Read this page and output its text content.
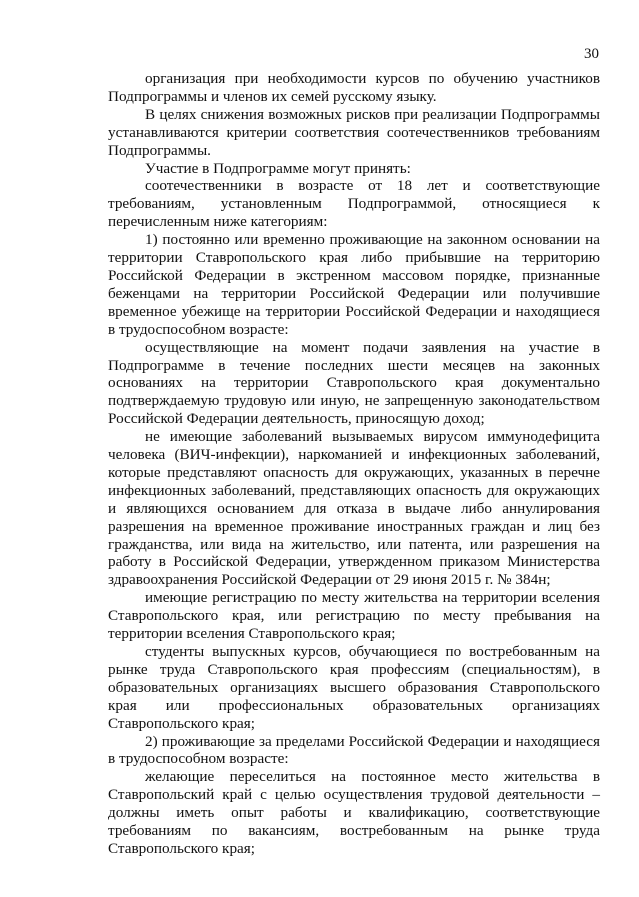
30

организация при необходимости курсов по обучению участников Подпрограммы и членов их семей русскому языку.

В целях снижения возможных рисков при реализации Подпрограммы устанавливаются критерии соответствия соотечественников требованиям Подпрограммы.

Участие в Подпрограмме могут принять:

соотечественники в возрасте от 18 лет и соответствующие требованиям, установленным Подпрограммой, относящиеся к перечисленным ниже категориям:

1) постоянно или временно проживающие на законном основании на территории Ставропольского края либо прибывшие на территорию Российской Федерации в экстренном массовом порядке, признанные беженцами на территории Российской Федерации или получившие временное убежище на территории Российской Федерации и находящиеся в трудоспособном возрасте:

осуществляющие на момент подачи заявления на участие в Подпрограмме в течение последних шести месяцев на законных основаниях на территории Ставропольского края документально подтверждаемую трудовую или иную, не запрещенную законодательством Российской Федерации деятельность, приносящую доход;

не имеющие заболеваний вызываемых вирусом иммунодефицита человека (ВИЧ-инфекции), наркоманией и инфекционных заболеваний, которые представляют опасность для окружающих, указанных в перечне инфекционных заболеваний, представляющих опасность для окружающих и являющихся основанием для отказа в выдаче либо аннулирования разрешения на временное проживание иностранных граждан и лиц без гражданства, или вида на жительство, или патента, или разрешения на работу в Российской Федерации, утвержденном приказом Министерства здравоохранения Российской Федерации от 29 июня 2015 г. № 384н;

имеющие регистрацию по месту жительства на территории вселения Ставропольского края, или регистрацию по месту пребывания на территории вселения Ставропольского края;

студенты выпускных курсов, обучающиеся по востребованным на рынке труда Ставропольского края профессиям (специальностям), в образовательных организациях высшего образования Ставропольского края или профессиональных образовательных организациях Ставропольского края;

2) проживающие за пределами Российской Федерации и находящиеся в трудоспособном возрасте:

желающие переселиться на постоянное место жительства в Ставропольский край с целью осуществления трудовой деятельности – должны иметь опыт работы и квалификацию, соответствующие требованиям по вакансиям, востребованным на рынке труда Ставропольского края;
